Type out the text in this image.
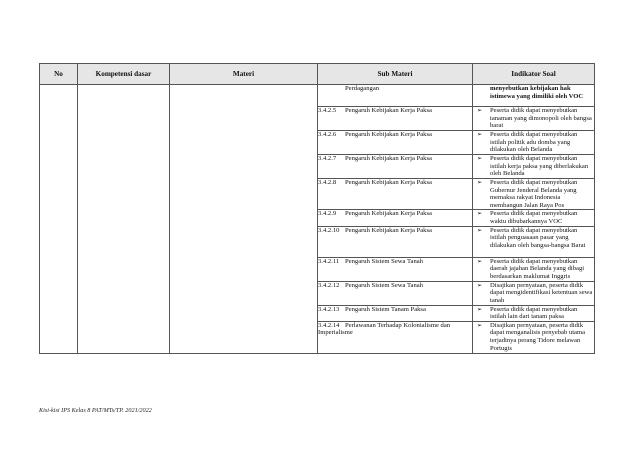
No	Kompetensi dasar	Materi	Sub Materi	Indikator Soal
			Perdagangan	menyebutkan kebijakan hak istimewa yang dimiliki oleh VOC

			3.4.2.5 Pengaruh Kebijakan Kerja Paksa	➢ Peserta didik dapat menyebutkan tanaman yang dimonopoli oleh bangsa barat

			3.4.2.6 Pengaruh Kebijakan Kerja Paksa	➢ Peserta didik dapat menyebutkan istilah politik adu domba yang dilakukan oleh Belanda

			3.4.2.7 Pengaruh Kebijakan Kerja Paksa	➢ Peserta didik dapat menyebutkan istilah kerja paksa yang diberlakukan oleh Belanda

			3.4.2.8 Pengaruh Kebijakan Kerja Paksa	➢ Peserta didik dapat menyebutkan Gubernur Jenderal Belanda yang memaksa rakyat Indonesia membangun Jalan Raya Pos

			3.4.2.9 Pengaruh Kebijakan Kerja Paksa	➢ Peserta didik dapat menyebutkan waktu dibubarkannya VOC

			3.4.2.10 Pengaruh Kebijakan Kerja Paksa	➢ Peserta didik dapat menyebutkan istilah penguasaan pasar yang dilakukan oleh bangsa-bangsa Barat

			3.4.2.11 Pengaruh Sistem Sewa Tanah	➢ Peserta didik dapat menyebutkan daerah jajahan Belanda yang dibagi berdasarkan maklumat Inggris

			3.4.2.12 Pengaruh Sistem Sewa Tanah	➢ Disajikan pernyataan, peserta didik dapat mengidentifikasi ketentuan sewa tanah

			3.4.2.13 Pengaruh Sistem Tanam Paksa	➢ Peserta didik dapat menyebutkan istilah lain dari tanam paksa

			3.4.2.14 Perlawanan Terhadap Kolonialisme dan Imperialisme	➢ Disajikan pernyataan, peserta didik dapat menganalisis penyebab utama terjadinya perang Tidore melawan Portugis
Kisi-kisi IPS Kelas 8 PAT/MTs/TP. 2021/2022
